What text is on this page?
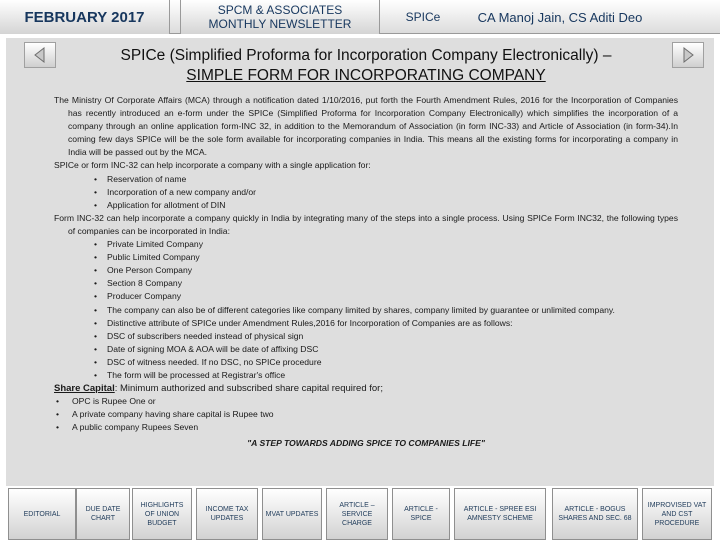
FEBRUARY 2017	SPCM & ASSOCIATES
MONTHLY NEWSLETTER	SPICe	CA Manoj Jain, CS Aditi Deo
SPICe (Simplified Proforma for Incorporation Company Electronically) –
SIMPLE FORM FOR INCORPORATING COMPANY

The Ministry Of Corporate Affairs (MCA) through a notification dated 1/10/2016, put forth the Fourth Amendment Rules, 2016 for the Incorporation of Companies has recently introduced an e-form under the SPICe (Simplified Proforma for Incorporation Company Electronically) which simplifies the incorporation of a company through an online application form-INC 32, in addition to the Memorandum of Association (in form INC-33) and Article of Association (in form-34).In coming few days SPICe will be the sole form available for incorporating companies in India. This means all the existing forms for incorporating a company in India will be passed out by the MCA.

SPICe or form INC-32 can help incorporate a company with a single application for:

• Reservation of name
• Incorporation of a new company and/or
• Application for allotment of DIN

Form INC-32 can help incorporate a company quickly in India by integrating many of the steps into a single process. Using SPICe Form INC32, the following types of companies can be incorporated in India:

• Private Limited Company
• Public Limited Company
• One Person Company
• Section 8 Company
• Producer Company
• The company can also be of different categories like company limited by shares, company limited by guarantee or unlimited company.
• Distinctive attribute of SPICe under Amendment Rules,2016 for Incorporation of Companies are as follows:
• DSC of subscribers needed instead of physical sign
• Date of signing MOA & AOA will be date of affixing DSC
• DSC of witness needed. If no DSC, no SPICe procedure
• The form will be processed at Registrar's office

Share Capital: Minimum authorized and subscribed share capital required for;

• OPC is Rupee One or
• A private company having share capital is Rupee two
• A public company Rupees Seven

"A STEP TOWARDS ADDING SPICE TO COMPANIES LIFE"

EDITORIAL
DUE DATE CHART
HIGHLIGHTS OF UNION BUDGET
INCOME TAX UPDATES
MVAT UPDATES
ARTICLE – SERVICE CHARGE
ARTICLE - SPICE
ARTICLE - SPREE ESI AMNESTY SCHEME
ARTICLE - BOGUS SHARES AND SEC. 68
IMPROVISED VAT AND CST PROCEDURE
